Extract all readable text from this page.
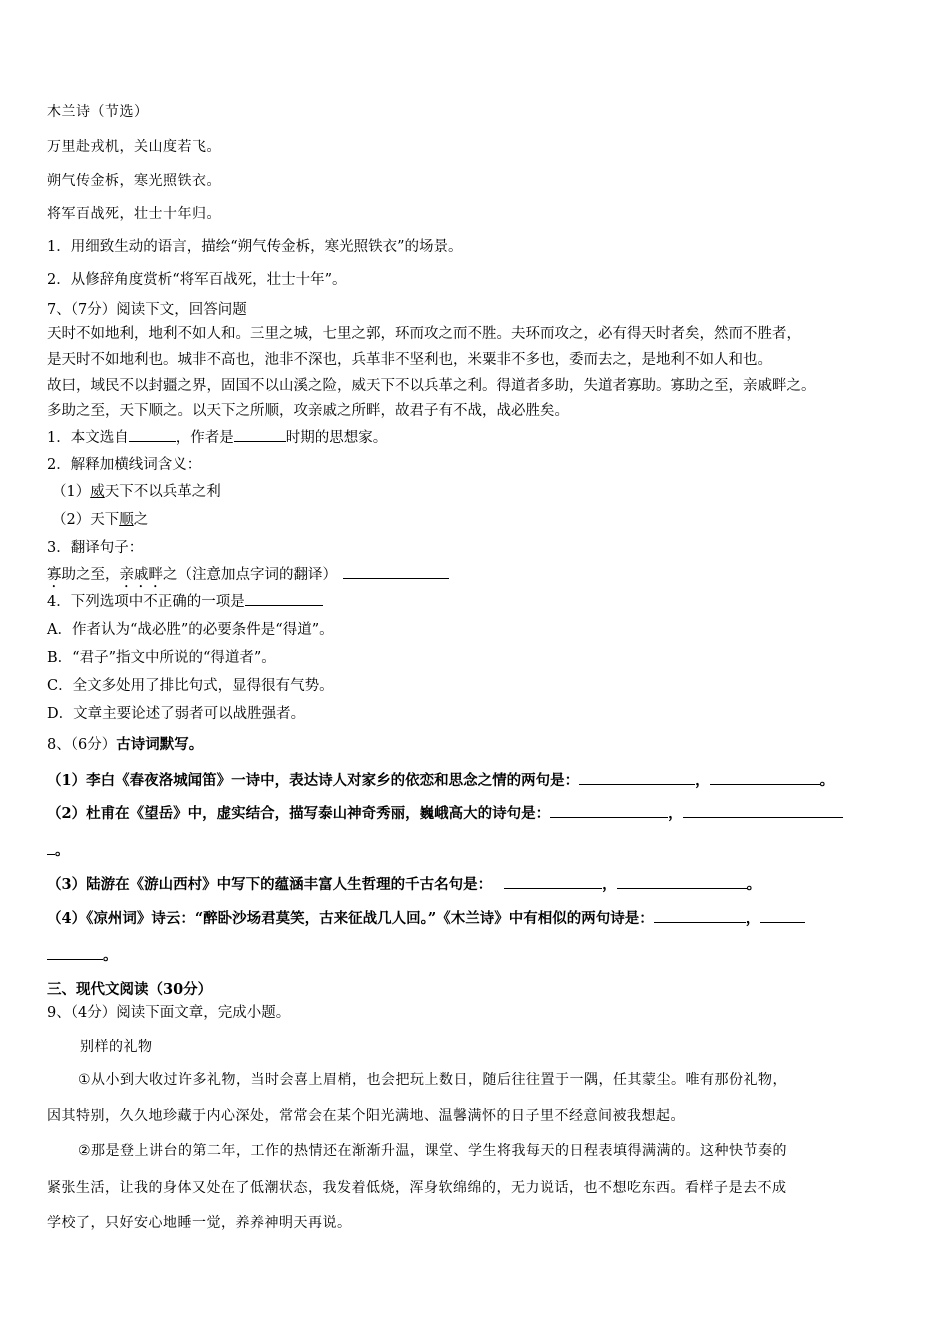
木兰诗（节选）
万里赴戎机，关山度若飞。
朔气传金柝，寒光照铁衣。
将军百战死，壮士十年归。
1．用细致生动的语言，描绘“朔气传金柝，寒光照铁衣”的场景。
2．从修辞角度赏析“将军百战死，壮士十年”。
7、（7分）阅读下文，回答问题
天时不如地利，地利不如人和。三里之城，七里之郭，环而攻之而不胜。夫环而攻之，必有得天时者矣，然而不胜者，
是天时不如地利也。城非不高也，池非不深也，兵革非不坚利也，米粟非不多也，委而去之，是地利不如人和也。
故曰，域民不以封疆之界，固国不以山溪之险，威天下不以兵革之利。得道者多助，失道者寡助。寡助之至，亲戚畔之。
多助之至，天下顺之。以天下之所顺，攻亲戚之所畔，故君子有不战，战必胜矣。
1．本文选自	，作者是	时期的思想家。
2．解释加横线词含义：
（1）威天下不以兵革之利
（2）天下顺之
3．翻译句子：
寡助之至，亲戚畔之（注意加点字词的翻译）
4．下列选项中不正确的一项是
A．作者认为“战必胜”的必要条件是“得道”。
B．“君子”指文中所说的“得道者”。
C．全文多处用了排比句式，显得很有气势。
D．文章主要论述了弱者可以战胜强者。
8、（6分）古诗词默写。
（1）李白《春夜洛城闻笛》一诗中，表达诗人对家乡的依恋和思念之情的两句是：	，	。
（2）杜甫在《望岳》中，虚实结合，描写泰山神奇秀丽，巍峨高大的诗句是：	，
。
（3）陆游在《游山西村》中写下的蕴涵丰富人生哲理的千古名句是：	，	。
（4）《凉州词》诗云：“醉卧沙场君莫笑，古来征战几人回。”《木兰诗》中有相似的两句诗是：	，
。
三、现代文阅读（30分）
9、（4分）阅读下面文章，完成小题。
别样的礼物
①从小到大收过许多礼物，当时会喜上眉梢，也会把玩上数日，随后往往置于一隅，任其蒙尘。唯有那份礼物，
因其特别，久久地珍藏于内心深处，常常会在某个阳光满地、温馨满怀的日子里不经意间被我想起。
②那是登上讲台的第二年，工作的热情还在渐渐升温，课堂、学生将我每天的日程表填得满满的。这种快节奏的
紧张生活，让我的身体又处在了低潮状态，我发着低烧，浑身软绵绵的，无力说话，也不想吃东西。看样子是去不成
学校了，只好安心地睡一觉，养养神明天再说。
